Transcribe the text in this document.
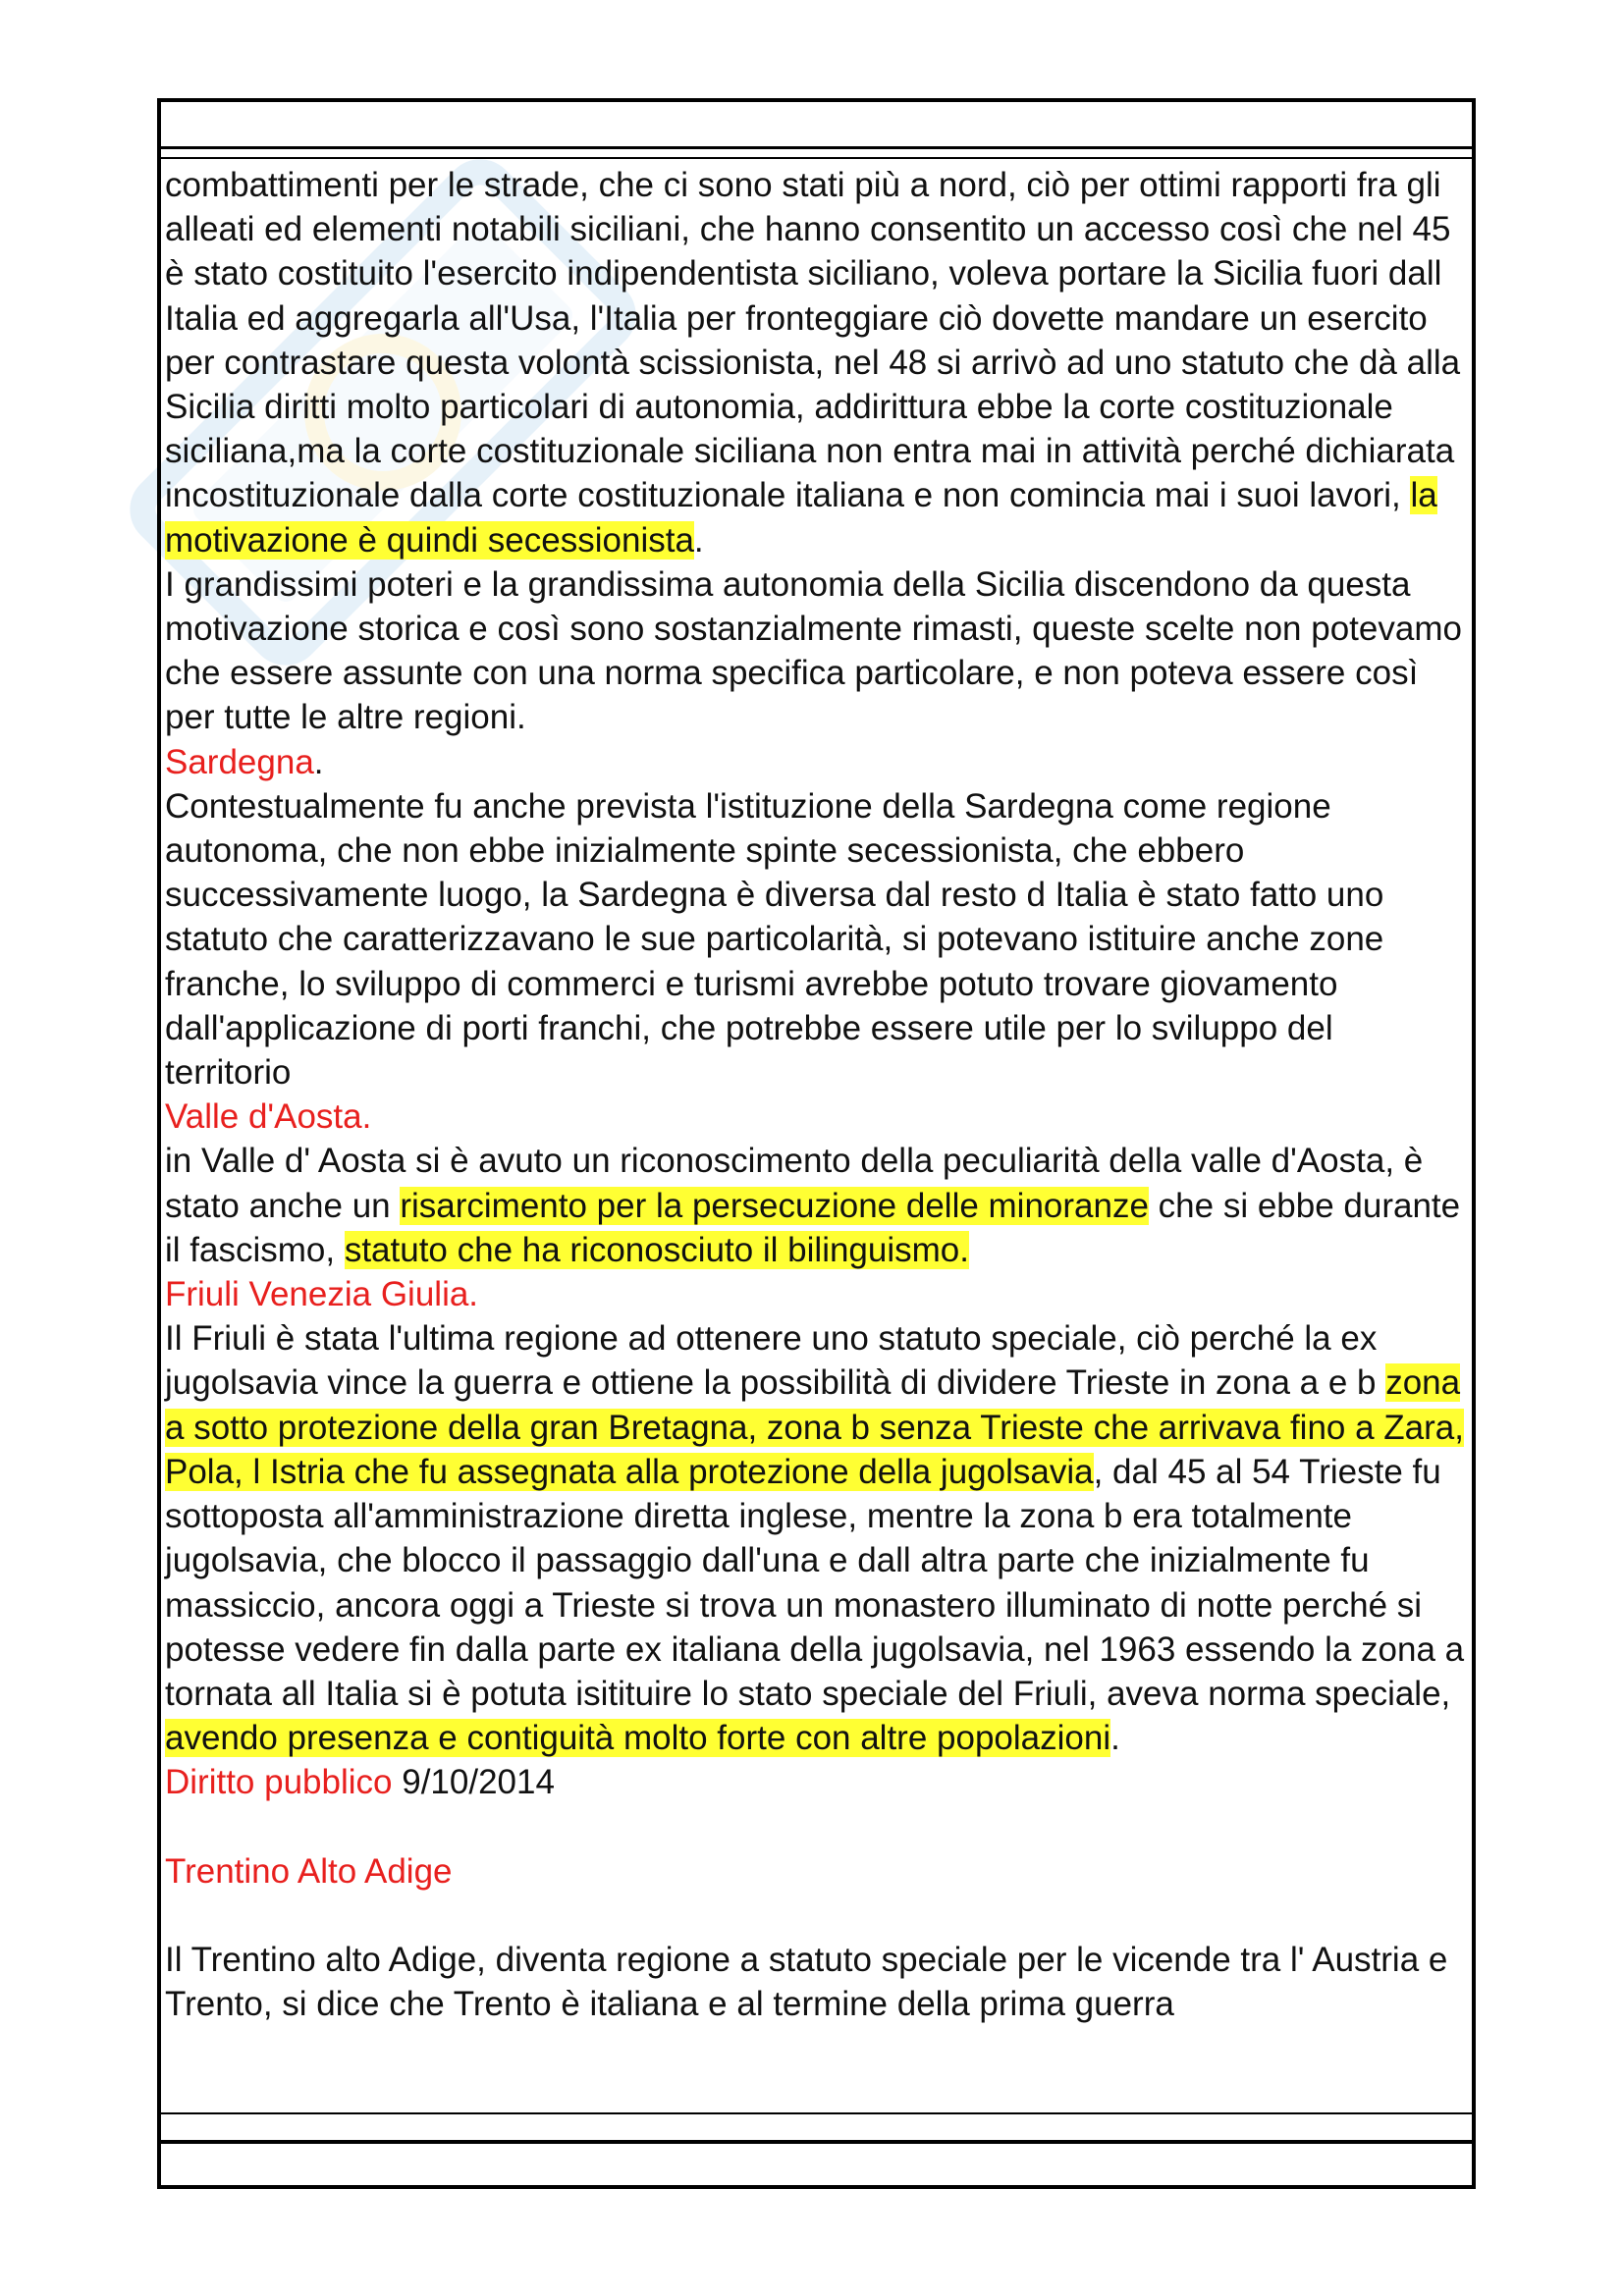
combattimenti per le strade, che ci sono stati più a nord, ciò per ottimi rapporti fra gli alleati ed elementi notabili siciliani, che hanno consentito un accesso così che nel 45 è stato costituito l'esercito indipendentista siciliano, voleva portare la Sicilia fuori dall Italia ed aggregarla all'Usa, l'Italia per fronteggiare ciò dovette mandare un esercito per contrastare questa volontà scissionista, nel 48 si arrivò ad uno statuto che dà alla Sicilia diritti molto particolari di autonomia, addirittura ebbe la corte costituzionale siciliana,ma la corte costituzionale siciliana non entra mai in attività perché dichiarata incostituzionale dalla corte costituzionale italiana e non comincia mai i suoi lavori, la motivazione è quindi secessionista.

I grandissimi poteri e la grandissima autonomia della Sicilia discendono da questa motivazione storica e così sono sostanzialmente rimasti, queste scelte non potevamo che essere assunte con una norma specifica particolare, e non poteva essere così per tutte le altre regioni.

Sardegna.

Contestualmente fu anche prevista l'istituzione della Sardegna come regione autonoma, che non ebbe inizialmente spinte secessionista, che ebbero successivamente luogo, la Sardegna è diversa dal resto d Italia è stato fatto uno statuto che caratterizzavano le sue particolarità, si potevano istituire anche zone franche, lo sviluppo di commerci e turismi avrebbe potuto trovare giovamento dall'applicazione di porti franchi, che potrebbe essere utile per lo sviluppo del territorio

Valle d'Aosta.

in Valle d' Aosta si è avuto un riconoscimento della peculiarità della valle d'Aosta, è stato anche un risarcimento per la persecuzione delle minoranze che si ebbe durante il fascismo, statuto che ha riconosciuto il bilinguismo.

Friuli Venezia Giulia.

Il Friuli è stata l'ultima regione ad ottenere uno statuto speciale, ciò perché la ex jugolsavia vince la guerra e ottiene la possibilità di dividere Trieste in zona a e b zona a sotto protezione della gran Bretagna, zona b senza Trieste che arrivava fino a Zara, Pola, l Istria che fu assegnata alla protezione della jugolsavia, dal 45 al 54 Trieste fu sottoposta all'amministrazione diretta inglese, mentre la zona b era totalmente jugolsavia, che blocco il passaggio dall'una e dall altra parte che inizialmente fu massiccio, ancora oggi a Trieste si trova un monastero illuminato di notte perché si potesse vedere fin dalla parte ex italiana della jugolsavia, nel 1963 essendo la zona a tornata all Italia si è potuta isitituire lo stato speciale del Friuli, aveva norma speciale, avendo presenza e contiguità molto forte con altre popolazioni.

Diritto pubblico 9/10/2014

Trentino Alto Adige

Il Trentino alto Adige, diventa regione a statuto speciale per le vicende tra l' Austria e Trento, si dice che Trento è italiana e al termine della prima guerra
